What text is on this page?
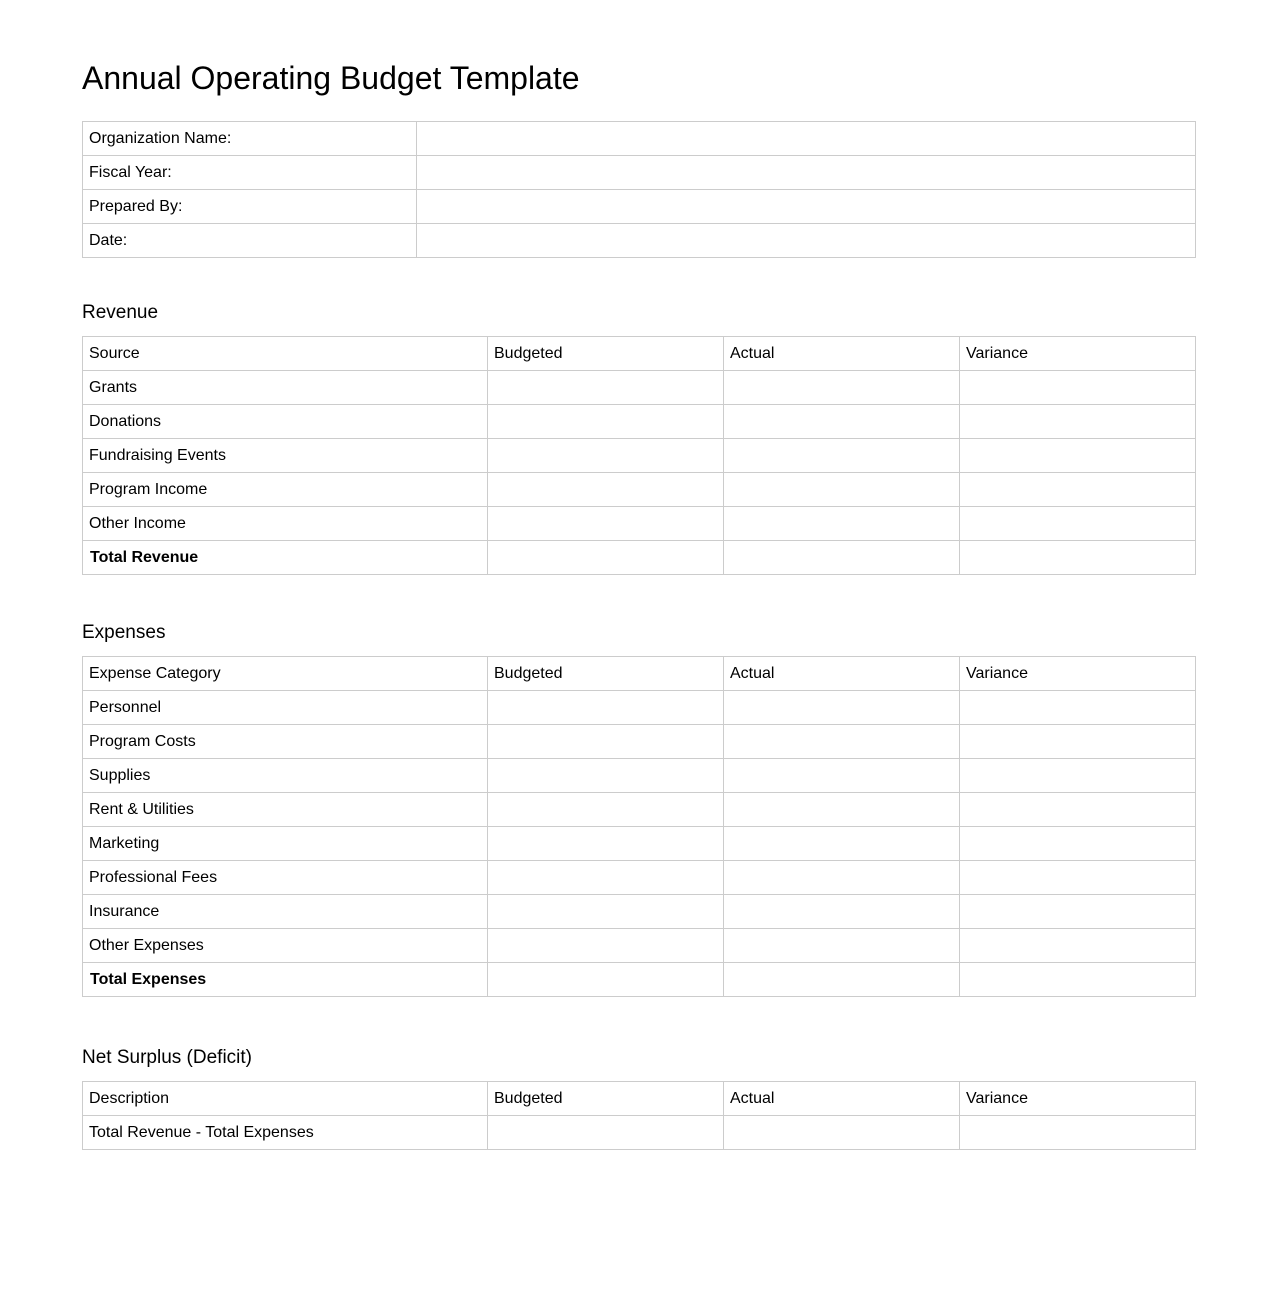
Annual Operating Budget Template
Organization Name:	
Fiscal Year:	
Prepared By:	
Date:	
Revenue
Source	Budgeted	Actual	Variance
Grants			
Donations			
Fundraising Events			
Program Income			
Other Income			
Total Revenue			
Expenses
Expense Category	Budgeted	Actual	Variance
Personnel			
Program Costs			
Supplies			
Rent & Utilities			
Marketing			
Professional Fees			
Insurance			
Other Expenses			
Total Expenses			
Net Surplus (Deficit)
Description	Budgeted	Actual	Variance
Total Revenue - Total Expenses			
